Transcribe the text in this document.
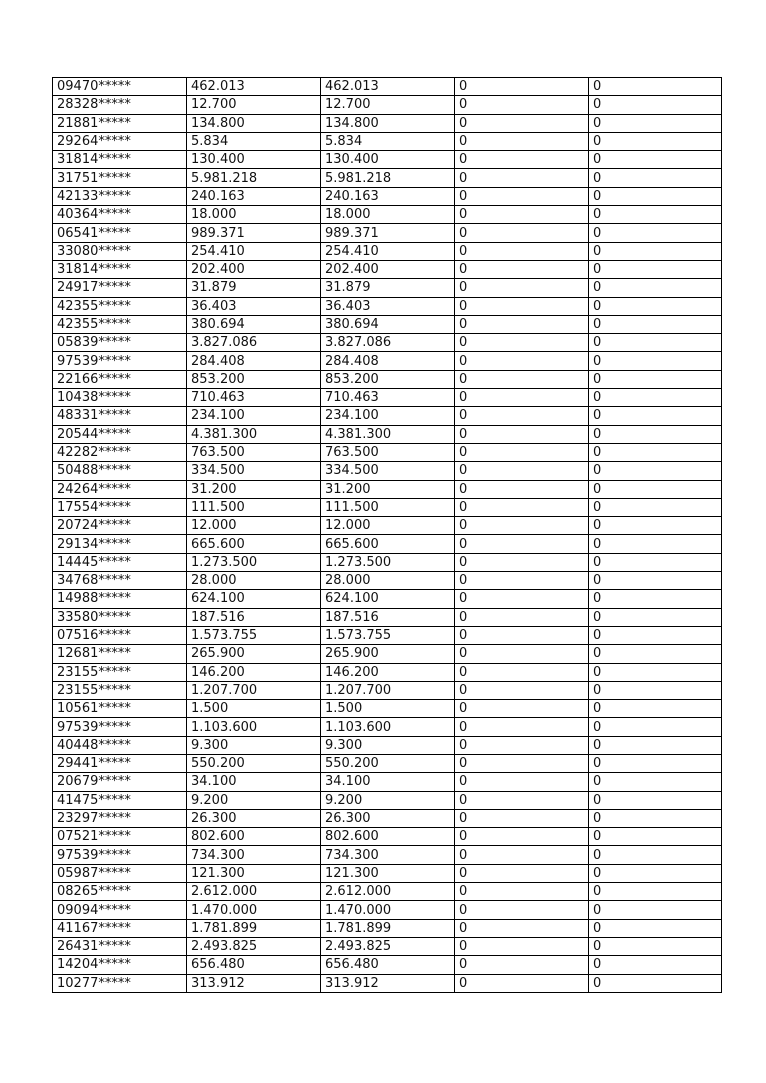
09470*****	462.013	462.013	0	0
28328*****	12.700	12.700	0	0
21881*****	134.800	134.800	0	0
29264*****	5.834	5.834	0	0
31814*****	130.400	130.400	0	0
31751*****	5.981.218	5.981.218	0	0
42133*****	240.163	240.163	0	0
40364*****	18.000	18.000	0	0
06541*****	989.371	989.371	0	0
33080*****	254.410	254.410	0	0
31814*****	202.400	202.400	0	0
24917*****	31.879	31.879	0	0
42355*****	36.403	36.403	0	0
42355*****	380.694	380.694	0	0
05839*****	3.827.086	3.827.086	0	0
97539*****	284.408	284.408	0	0
22166*****	853.200	853.200	0	0
10438*****	710.463	710.463	0	0
48331*****	234.100	234.100	0	0
20544*****	4.381.300	4.381.300	0	0
42282*****	763.500	763.500	0	0
50488*****	334.500	334.500	0	0
24264*****	31.200	31.200	0	0
17554*****	111.500	111.500	0	0
20724*****	12.000	12.000	0	0
29134*****	665.600	665.600	0	0
14445*****	1.273.500	1.273.500	0	0
34768*****	28.000	28.000	0	0
14988*****	624.100	624.100	0	0
33580*****	187.516	187.516	0	0
07516*****	1.573.755	1.573.755	0	0
12681*****	265.900	265.900	0	0
23155*****	146.200	146.200	0	0
23155*****	1.207.700	1.207.700	0	0
10561*****	1.500	1.500	0	0
97539*****	1.103.600	1.103.600	0	0
40448*****	9.300	9.300	0	0
29441*****	550.200	550.200	0	0
20679*****	34.100	34.100	0	0
41475*****	9.200	9.200	0	0
23297*****	26.300	26.300	0	0
07521*****	802.600	802.600	0	0
97539*****	734.300	734.300	0	0
05987*****	121.300	121.300	0	0
08265*****	2.612.000	2.612.000	0	0
09094*****	1.470.000	1.470.000	0	0
41167*****	1.781.899	1.781.899	0	0
26431*****	2.493.825	2.493.825	0	0
14204*****	656.480	656.480	0	0
10277*****	313.912	313.912	0	0
